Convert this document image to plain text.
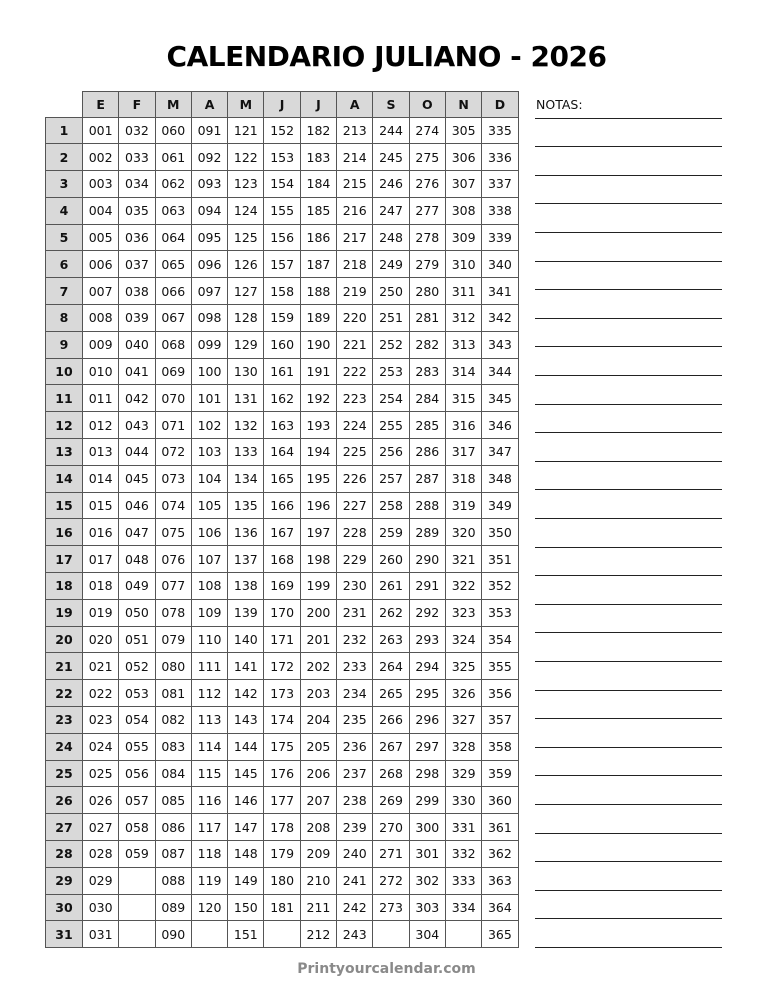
CALENDARIO JULIANO - 2026
	E	F	M	A	M	J	J	A	S	O	N	D
1	001	032	060	091	121	152	182	213	244	274	305	335
2	002	033	061	092	122	153	183	214	245	275	306	336
3	003	034	062	093	123	154	184	215	246	276	307	337
4	004	035	063	094	124	155	185	216	247	277	308	338
5	005	036	064	095	125	156	186	217	248	278	309	339
6	006	037	065	096	126	157	187	218	249	279	310	340
7	007	038	066	097	127	158	188	219	250	280	311	341
8	008	039	067	098	128	159	189	220	251	281	312	342
9	009	040	068	099	129	160	190	221	252	282	313	343
10	010	041	069	100	130	161	191	222	253	283	314	344
11	011	042	070	101	131	162	192	223	254	284	315	345
12	012	043	071	102	132	163	193	224	255	285	316	346
13	013	044	072	103	133	164	194	225	256	286	317	347
14	014	045	073	104	134	165	195	226	257	287	318	348
15	015	046	074	105	135	166	196	227	258	288	319	349
16	016	047	075	106	136	167	197	228	259	289	320	350
17	017	048	076	107	137	168	198	229	260	290	321	351
18	018	049	077	108	138	169	199	230	261	291	322	352
19	019	050	078	109	139	170	200	231	262	292	323	353
20	020	051	079	110	140	171	201	232	263	293	324	354
21	021	052	080	111	141	172	202	233	264	294	325	355
22	022	053	081	112	142	173	203	234	265	295	326	356
23	023	054	082	113	143	174	204	235	266	296	327	357
24	024	055	083	114	144	175	205	236	267	297	328	358
25	025	056	084	115	145	176	206	237	268	298	329	359
26	026	057	085	116	146	177	207	238	269	299	330	360
27	027	058	086	117	147	178	208	239	270	300	331	361
28	028	059	087	118	148	179	209	240	271	301	332	362
29	029		088	119	149	180	210	241	272	302	333	363
30	030		089	120	150	181	211	242	273	303	334	364
31	031		090		151		212	243		304		365
NOTAS:
Printyourcalendar.com
